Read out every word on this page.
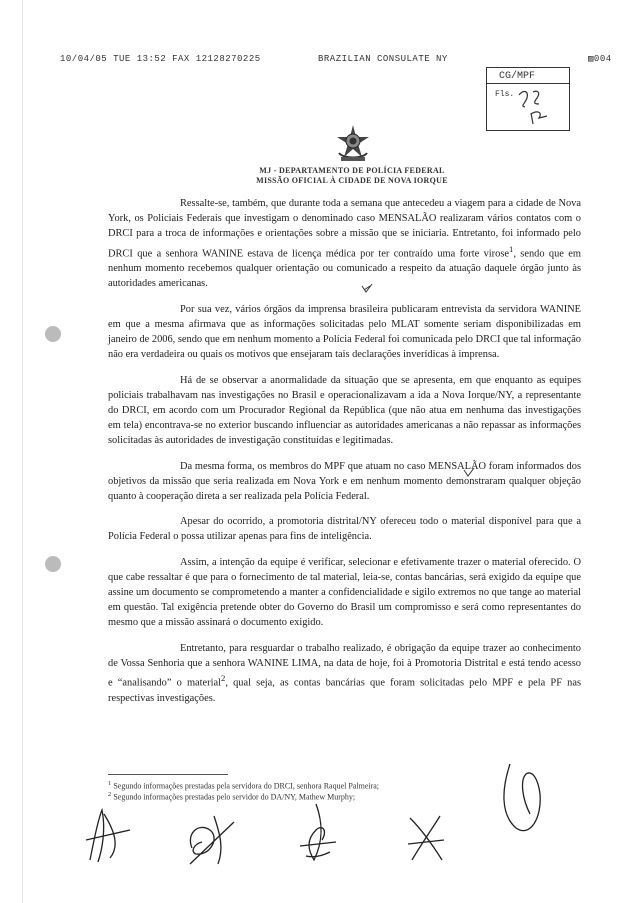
10/04/05 TUE 13:52 FAX 12128270225	BRAZILIAN CONSULATE NY	▨004
CG/MPF
Fls.
MJ - DEPARTAMENTO DE POLÍCIA FEDERAL
MISSÃO OFICIAL À CIDADE DE NOVA IORQUE

Ressalte-se, também, que durante toda a semana que antecedeu a viagem para a cidade de Nova York, os Policiais Federais que investigam o denominado caso MENSALÃO realizaram vários contatos com o DRCI para a troca de informações e orientações sobre a missão que se iniciaria. Entretanto, foi informado pelo DRCI que a senhora WANINE estava de licença médica por ter contraído uma forte virose$^1$, sendo que em nenhum momento recebemos qualquer orientação ou comunicado a respeito da atuação daquele órgão junto às autoridades americanas.

Por sua vez, vários órgãos da imprensa brasileira publicaram entrevista da servidora WANINE em que a mesma afirmava que as informações solicitadas pelo MLAT somente seriam disponibilizadas em janeiro de 2006, sendo que em nenhum momento a Polícia Federal foi comunicada pelo DRCI que tal informação não era verdadeira ou quais os motivos que ensejaram tais declarações inverídicas à imprensa.

Há de se observar a anormalidade da situação que se apresenta, em que enquanto as equipes policiais trabalhavam nas investigações no Brasil e operacionalizavam a ida a Nova Iorque/NY, a representante do DRCI, em acordo com um Procurador Regional da República (que não atua em nenhuma das investigações em tela) encontrava-se no exterior buscando influenciar as autoridades americanas a não repassar as informações solicitadas às autoridades de investigação constituídas e legitimadas.

Da mesma forma, os membros do MPF que atuam no caso MENSALÃO foram informados dos objetivos da missão que seria realizada em Nova York e em nenhum momento demonstraram qualquer objeção quanto à cooperação direta a ser realizada pela Polícia Federal.

Apesar do ocorrido, a promotoria distrital/NY ofereceu todo o material disponível para que a Polícia Federal o possa utilizar apenas para fins de inteligência.

Assim, a intenção da equipe é verificar, selecionar e efetivamente trazer o material oferecido. O que cabe ressaltar é que para o fornecimento de tal material, leia-se, contas bancárias, será exigido da equipe que assine um documento se comprometendo a manter a confidencialidade e sigilo extremos no que tange ao material em questão. Tal exigência pretende obter do Governo do Brasil um compromisso e será como representantes do mesmo que a missão assinará o documento exigido.

Entretanto, para resguardar o trabalho realizado, é obrigação da equipe trazer ao conhecimento de Vossa Senhoria que a senhora WANINE LIMA, na data de hoje, foi à Promotoria Distrital e está tendo acesso e “analisando” o material$^2$, qual seja, as contas bancárias que foram solicitadas pelo MPF e pela PF nas respectivas investigações.

$^1$ Segundo informações prestadas pela servidora do DRCI, senhora Raquel Palmeira;
$^2$ Segundo informações prestadas pelo servidor do DA/NY, Mathew Murphy;
